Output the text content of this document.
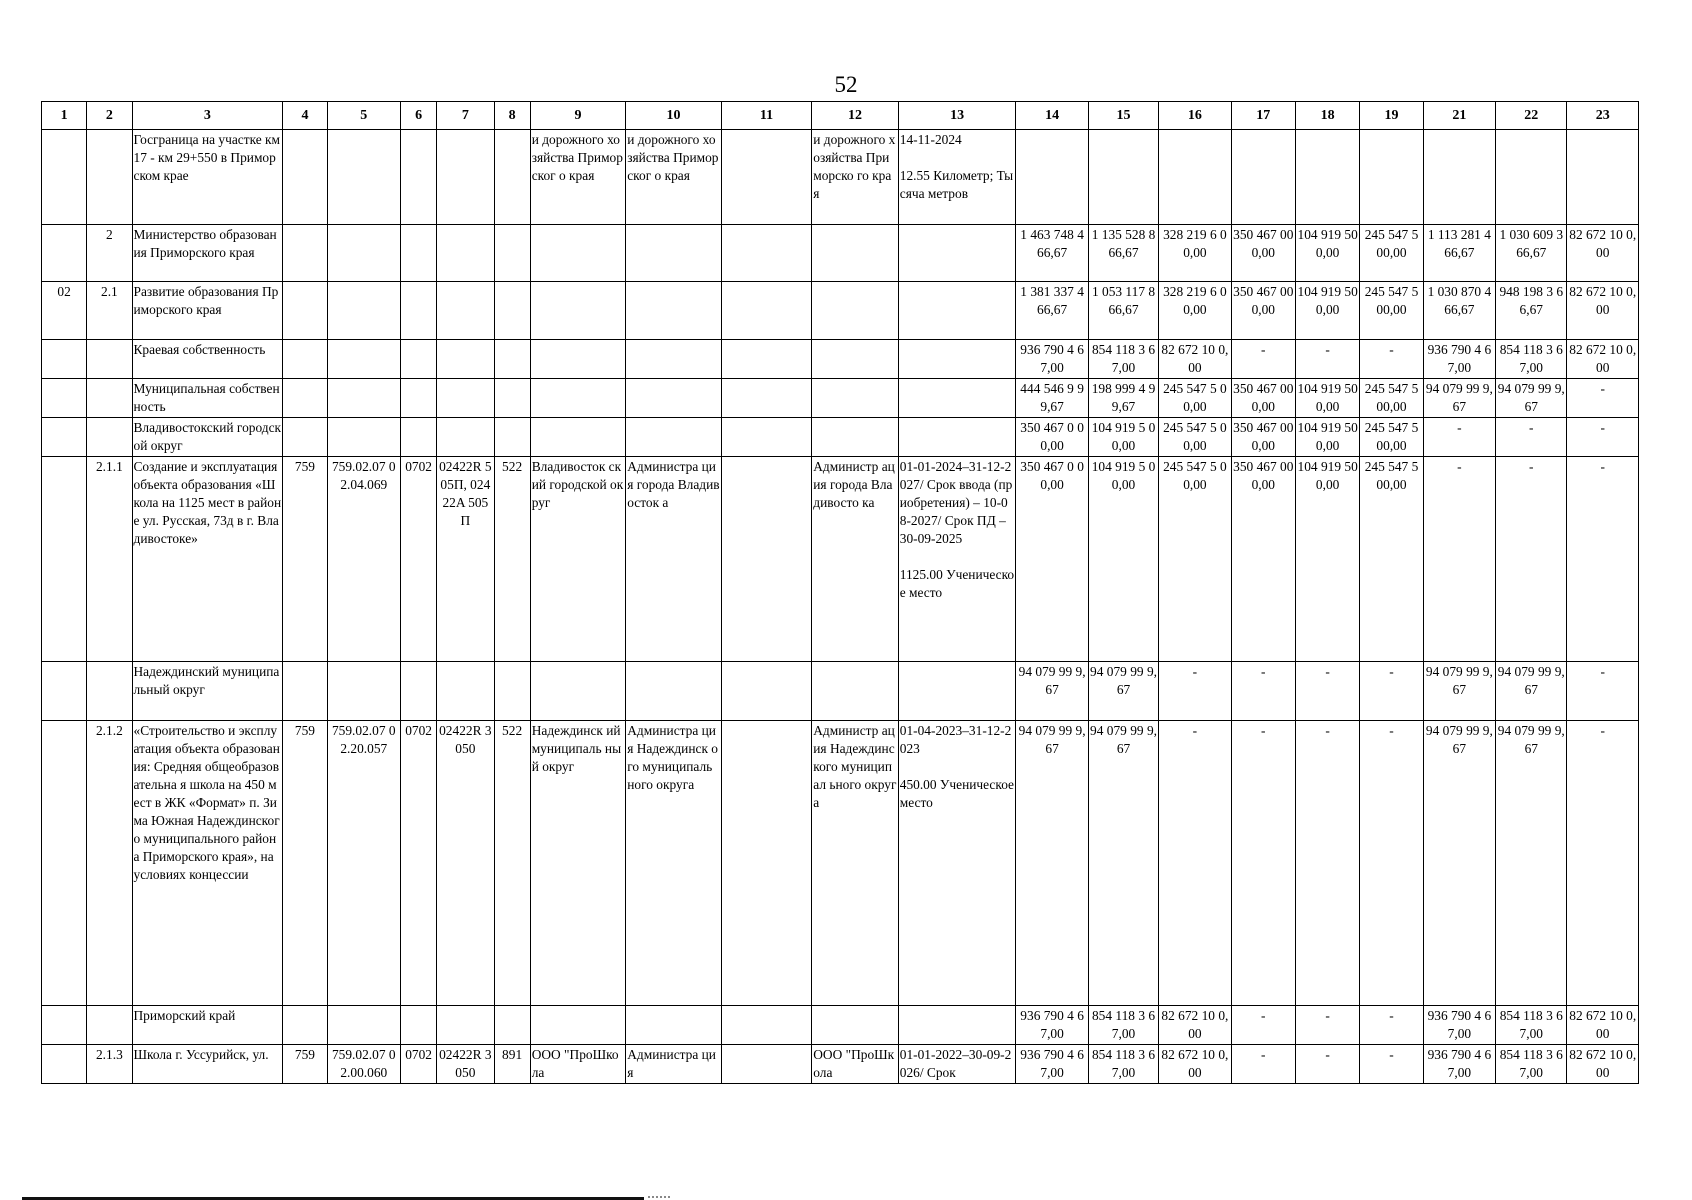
52
1	2	3	4	5	6	7	8	9	10	11	12	13	14	15	16	17	18	19	21	22	23
		Госграница на участке км 17 - км 29+550 в Приморском крае						и дорожного хозяйства Приморског о края	и дорожного хозяйства Приморског о края		и дорожного хозяйства Приморско го края	14-11-2024

12.55 Километр; Тысяча метров									
	2	Министерство образования Приморского края											1 463 748 466,67	1 135 528 866,67	328 219 6 00,00	350 467 000,00	104 919 500,00	245 547 5 00,00	1 113 281 466,67	1 030 609 366,67	82 672 10 0,00
02	2.1	Развитие образования Приморского края											1 381 337 466,67	1 053 117 866,67	328 219 6 00,00	350 467 000,00	104 919 500,00	245 547 5 00,00	1 030 870 466,67	948 198 3 66,67	82 672 10 0,00
		Краевая собственность											936 790 4 67,00	854 118 3 67,00	82 672 10 0,00	-	-	-	936 790 4 67,00	854 118 3 67,00	82 672 10 0,00
		Муниципальная собственность											444 546 9 99,67	198 999 4 99,67	245 547 5 00,00	350 467 000,00	104 919 500,00	245 547 5 00,00	94 079 99 9,67	94 079 99 9,67	-
		Владивостокский городской округ											350 467 0 00,00	104 919 5 00,00	245 547 5 00,00	350 467 000,00	104 919 500,00	245 547 5 00,00	-	-	-
	2.1.1	Создание и эксплуатация объекта образования «Школа на 1125 мест в районе ул. Русская, 73д в г. Владивостоке»	759	759.02.07 02.04.069	0702	02422R 505П, 02422A 505П	522	Владивосток ский городской округ	Администра ция города Владивосток а		Администр ация города Владивосто ка	01-01-2024–31-12-2027/ Срок ввода (приобретения) – 10-08-2027/ Срок ПД – 30-09-2025

1125.00 Ученическое место	350 467 0 00,00	104 919 5 00,00	245 547 5 00,00	350 467 000,00	104 919 500,00	245 547 5 00,00	-	-	-
		Надеждинский муниципальный округ											94 079 99 9,67	94 079 99 9,67	-	-	-	-	94 079 99 9,67	94 079 99 9,67	-
	2.1.2	«Строительство и эксплуатация объекта образования: Средняя общеобразовательна я школа на 450 мест в ЖК «Формат» п. Зима Южная Надеждинского муниципального района Приморского края», на условиях концессии	759	759.02.07 02.20.057	0702	02422R 3050	522	Надеждинск ий муниципаль ный округ	Администра ция Надеждинск ого муниципаль ного округа		Администр ация Надеждинс кого муниципал ьного округа	01-04-2023–31-12-2023

450.00 Ученическое место	94 079 99 9,67	94 079 99 9,67	-	-	-	-	94 079 99 9,67	94 079 99 9,67	-
		Приморский край											936 790 4 67,00	854 118 3 67,00	82 672 10 0,00	-	-	-	936 790 4 67,00	854 118 3 67,00	82 672 10 0,00
	2.1.3	Школа г. Уссурийск, ул.	759	759.02.07 02.00.060	0702	02422R 3050	891	ООО "ПроШкола	Администра ция		ООО "ПроШкола	01-01-2022–30-09-2026/ Срок	936 790 4 67,00	854 118 3 67,00	82 672 10 0,00	-	-	-	936 790 4 67,00	854 118 3 67,00	82 672 10 0,00
